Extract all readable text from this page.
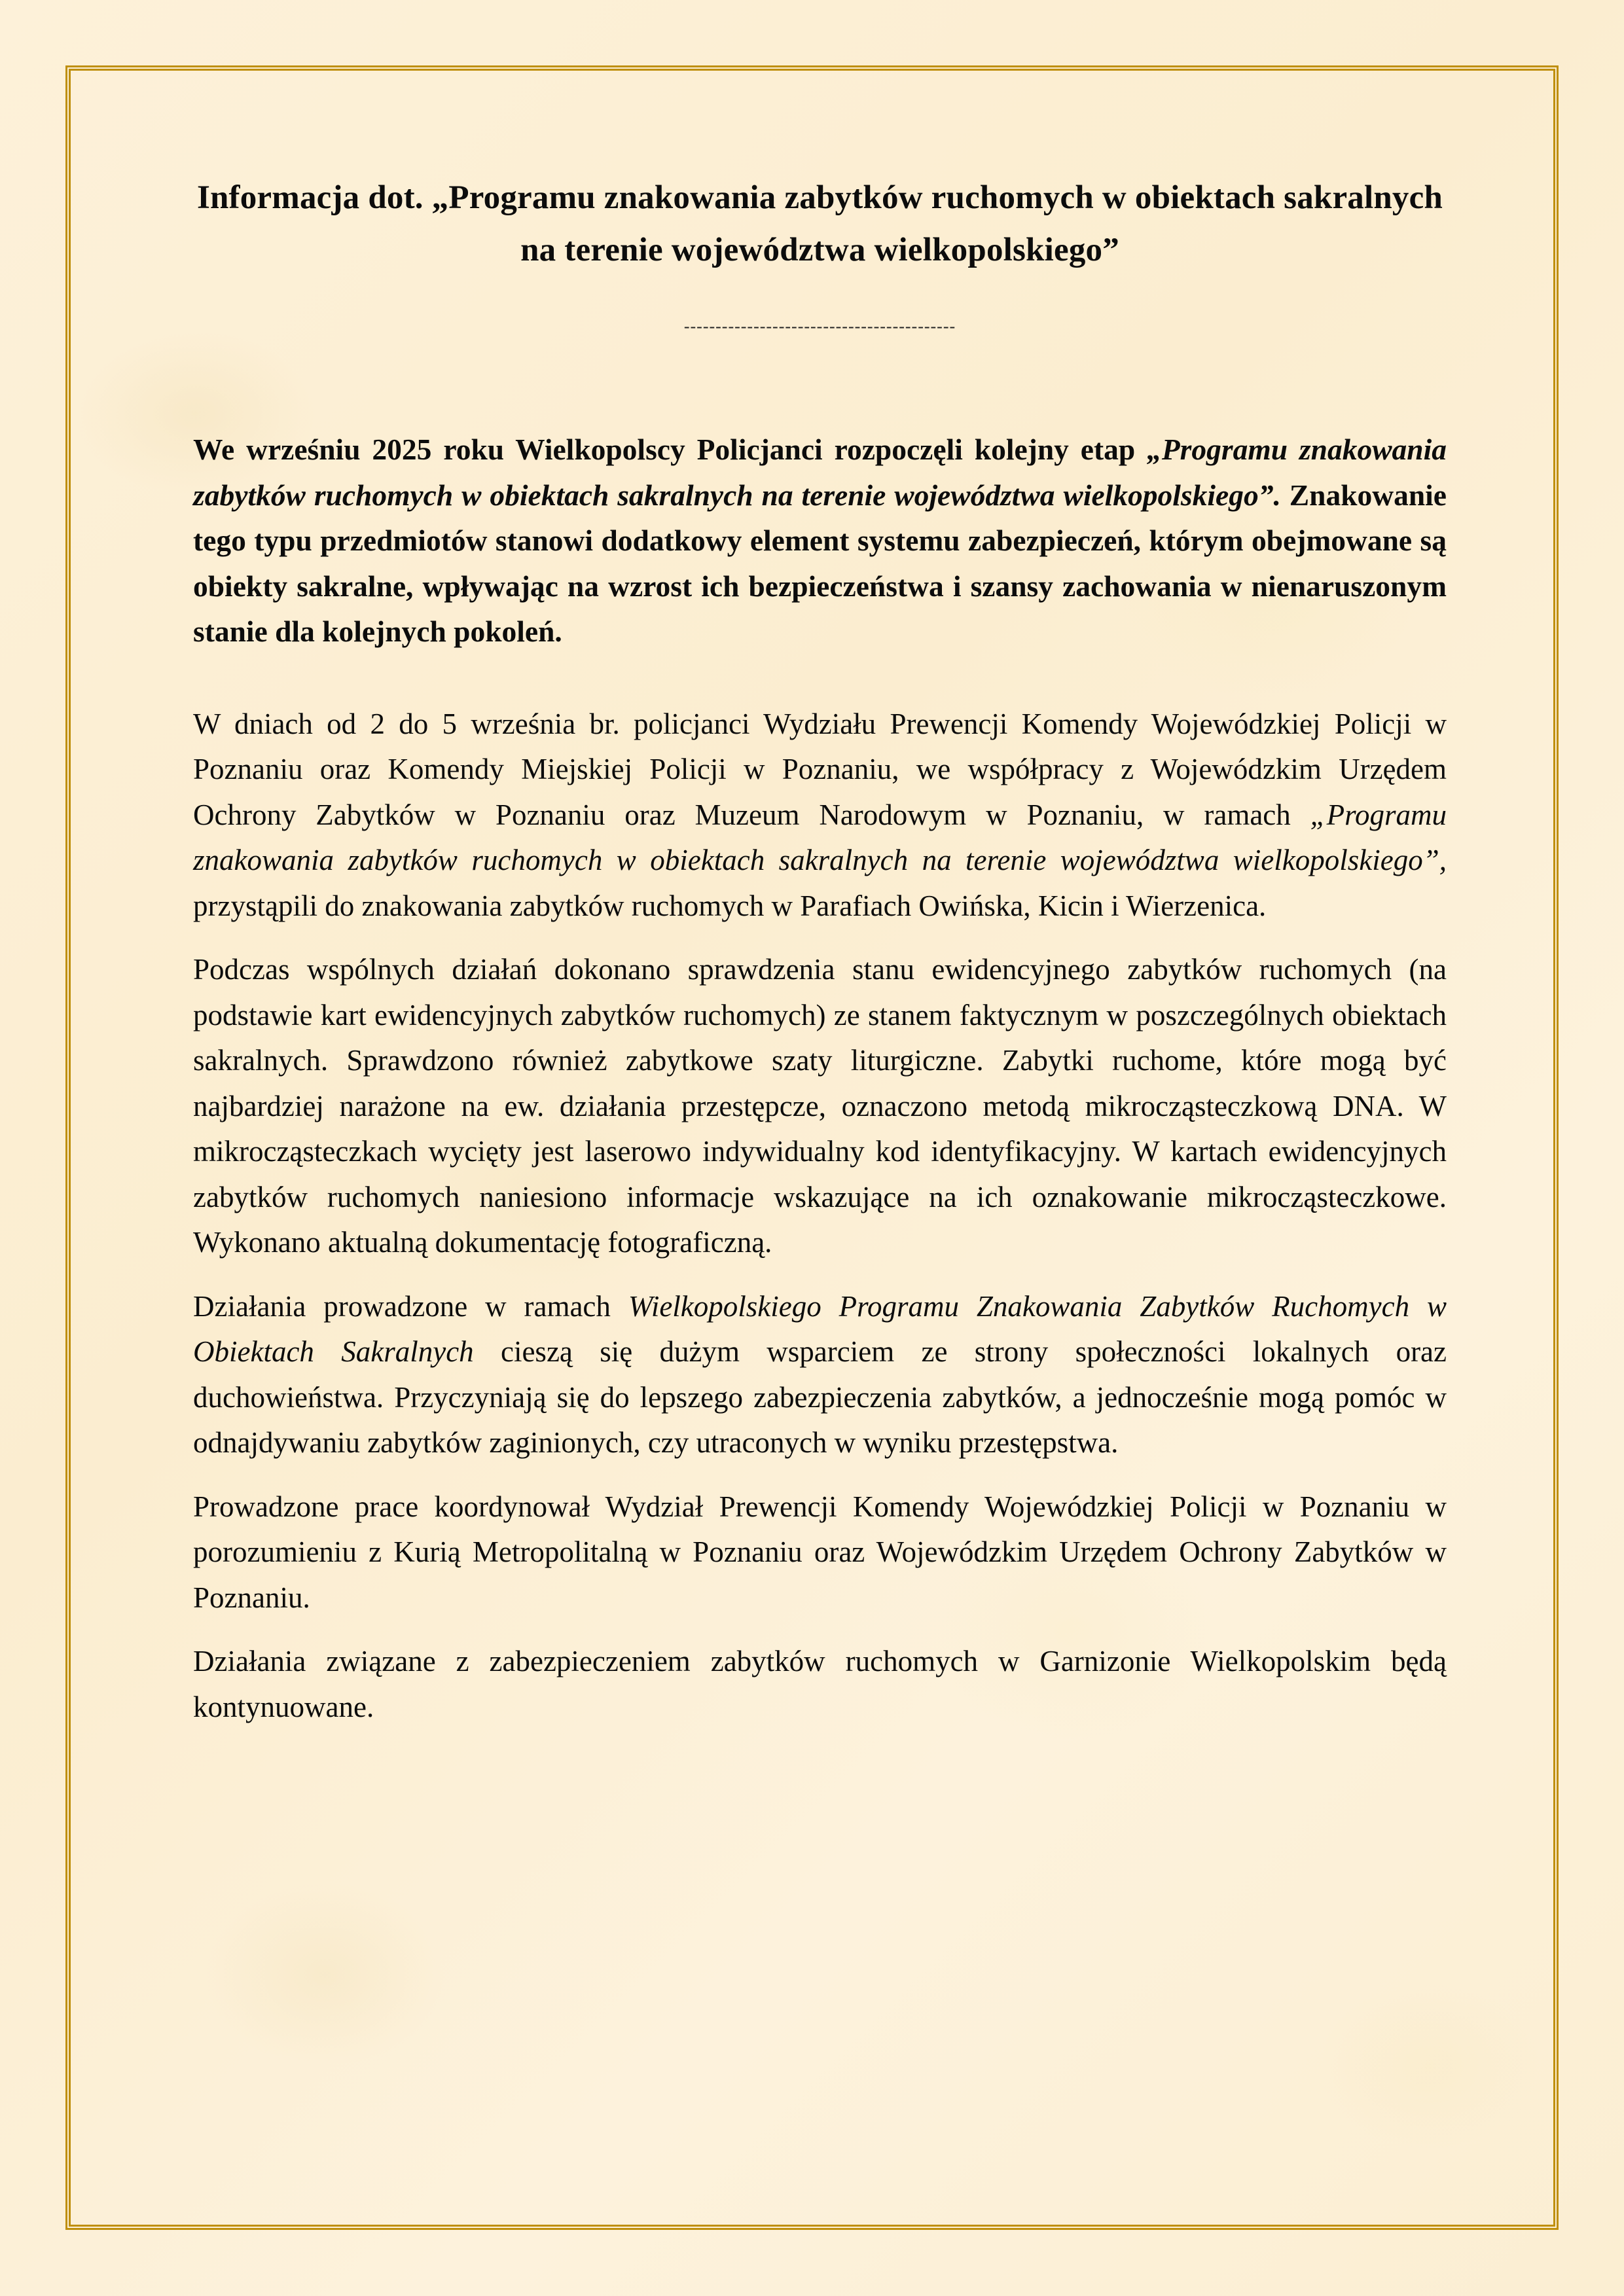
Informacja dot. „Programu znakowania zabytków ruchomych w obiektach sakralnych na terenie województwa wielkopolskiego”
-------------------------------------------

We wrześniu 2025 roku Wielkopolscy Policjanci rozpoczęli kolejny etap „Programu znakowania zabytków ruchomych w obiektach sakralnych na terenie województwa wielkopolskiego”. Znakowanie tego typu przedmiotów stanowi dodatkowy element systemu zabezpieczeń, którym obejmowane są obiekty sakralne, wpływając na wzrost ich bezpieczeństwa i szansy zachowania w nienaruszonym stanie dla kolejnych pokoleń.

W dniach od 2 do 5 września br. policjanci Wydziału Prewencji Komendy Wojewódzkiej Policji w Poznaniu oraz Komendy Miejskiej Policji w Poznaniu, we współpracy z Wojewódzkim Urzędem Ochrony Zabytków w Poznaniu oraz Muzeum Narodowym w Poznaniu, w ramach „Programu znakowania zabytków ruchomych w obiektach sakralnych na terenie województwa wielkopolskiego”, przystąpili do znakowania zabytków ruchomych w Parafiach Owińska, Kicin i Wierzenica.

Podczas wspólnych działań dokonano sprawdzenia stanu ewidencyjnego zabytków ruchomych (na podstawie kart ewidencyjnych zabytków ruchomych) ze stanem faktycznym w poszczególnych obiektach sakralnych. Sprawdzono również zabytkowe szaty liturgiczne. Zabytki ruchome, które mogą być najbardziej narażone na ew. działania przestępcze, oznaczono metodą mikrocząsteczkową DNA. W mikrocząsteczkach wycięty jest laserowo indywidualny kod identyfikacyjny. W kartach ewidencyjnych zabytków ruchomych naniesiono informacje wskazujące na ich oznakowanie mikrocząsteczkowe. Wykonano aktualną dokumentację fotograficzną.

Działania prowadzone w ramach Wielkopolskiego Programu Znakowania Zabytków Ruchomych w Obiektach Sakralnych cieszą się dużym wsparciem ze strony społeczności lokalnych oraz duchowieństwa. Przyczyniają się do lepszego zabezpieczenia zabytków, a jednocześnie mogą pomóc w odnajdywaniu zabytków zaginionych, czy utraconych w wyniku przestępstwa.

Prowadzone prace koordynował Wydział Prewencji Komendy Wojewódzkiej Policji w Poznaniu w porozumieniu z Kurią Metropolitalną w Poznaniu oraz Wojewódzkim Urzędem Ochrony Zabytków w Poznaniu.

Działania związane z zabezpieczeniem zabytków ruchomych w Garnizonie Wielkopolskim będą kontynuowane.
